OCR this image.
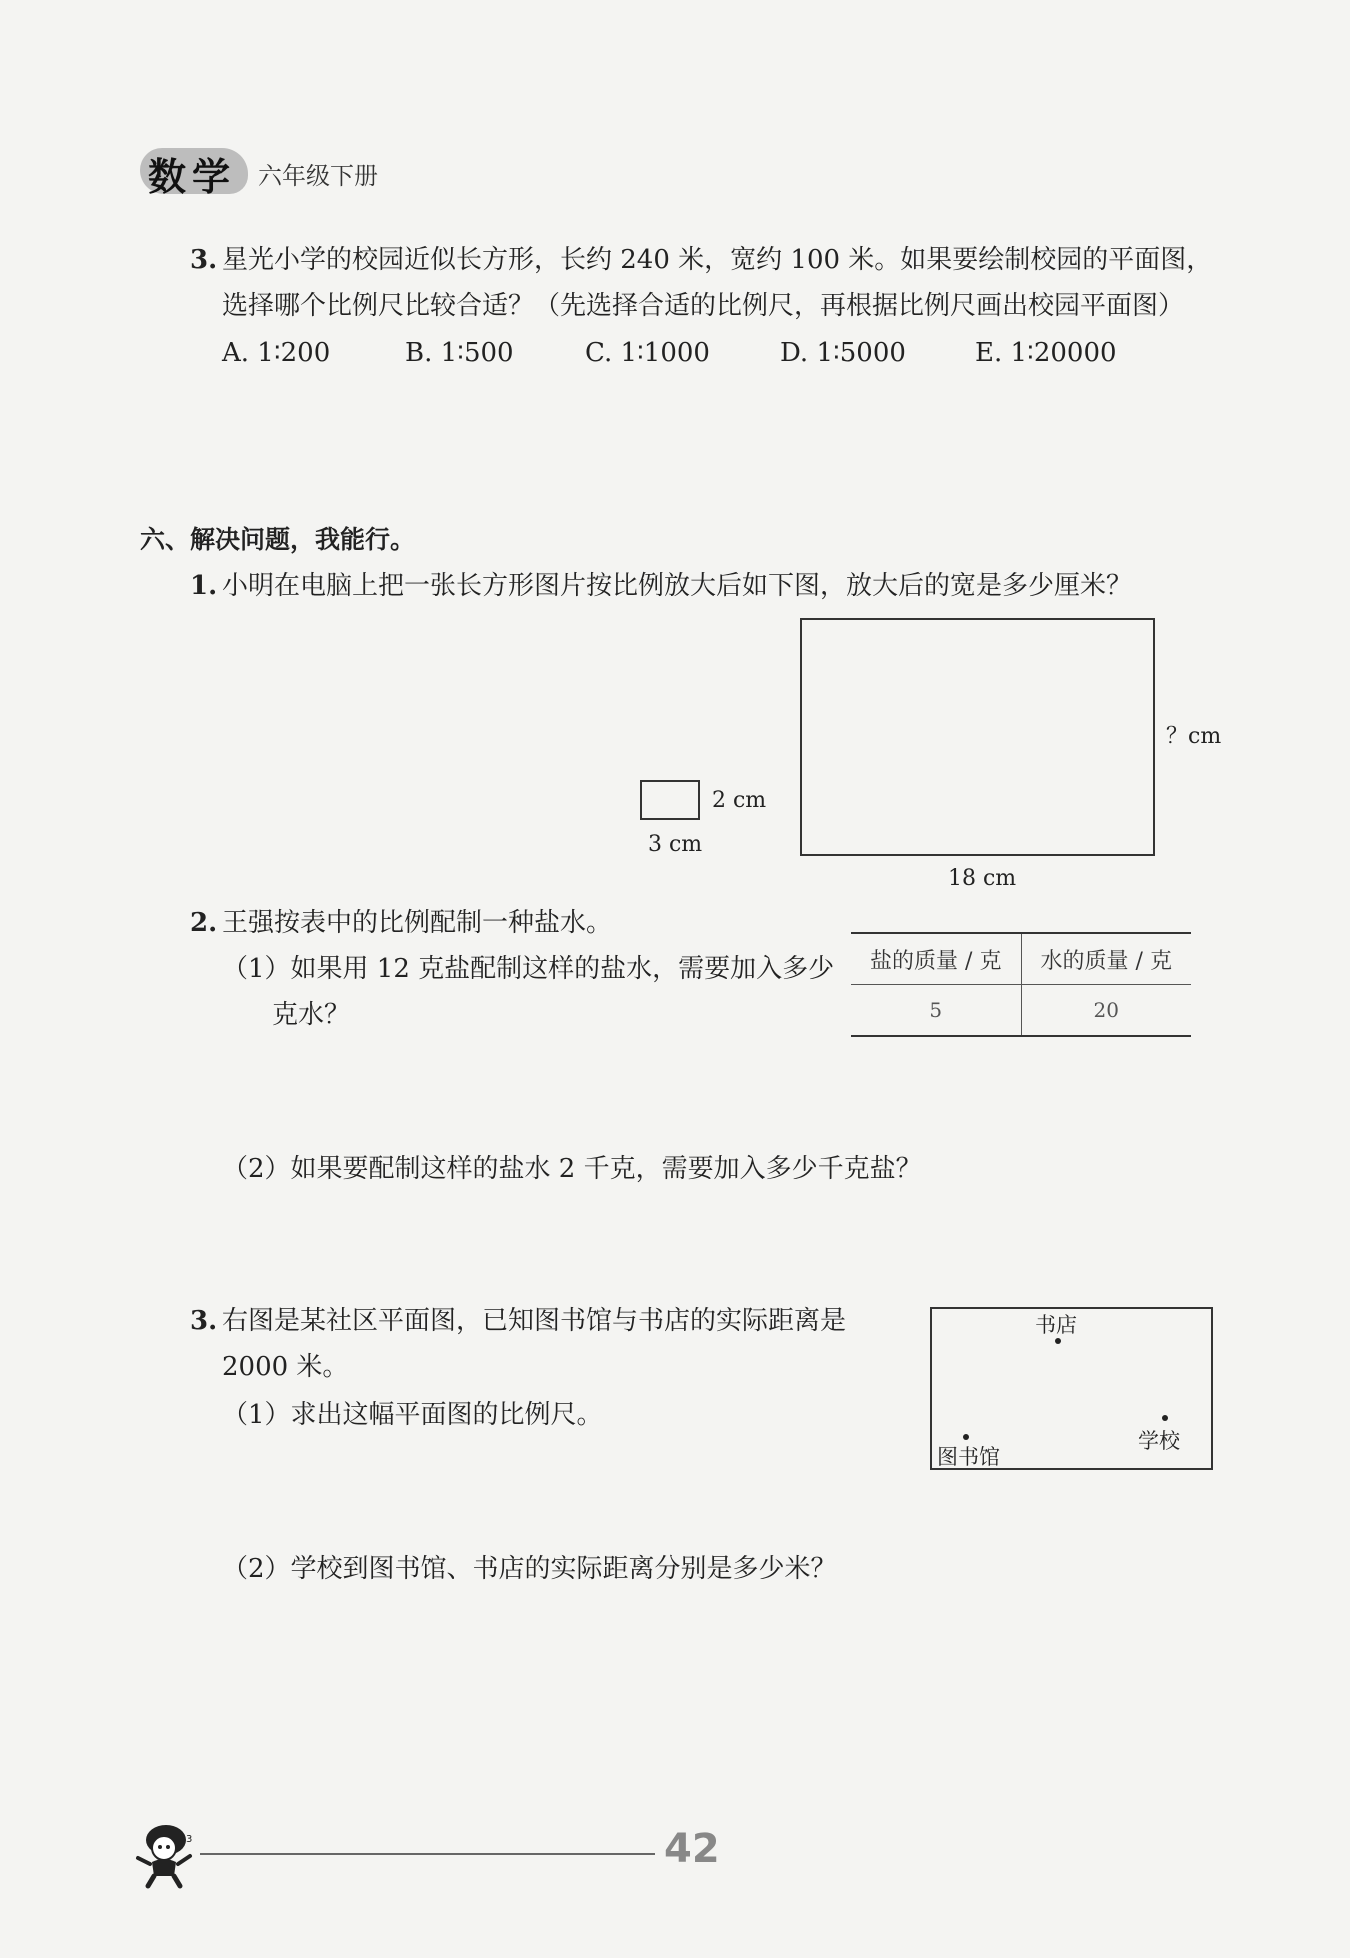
数学 六年级下册
3. 星光小学的校园近似长方形，长约 240 米，宽约 100 米。如果要绘制校园的平面图，
选择哪个比例尺比较合适？（先选择合适的比例尺，再根据比例尺画出校园平面图）
A. 1∶200	B. 1∶500	C. 1∶1000	D. 1∶5000	E. 1∶20000
六、解决问题，我能行。
1. 小明在电脑上把一张长方形图片按比例放大后如下图，放大后的宽是多少厘米？
2 cm
3 cm
？cm
18 cm
2. 王强按表中的比例配制一种盐水。
（1）如果用 12 克盐配制这样的盐水，需要加入多少
克水？
盐的质量 / 克	水的质量 / 克
5	20
（2）如果要配制这样的盐水 2 千克，需要加入多少千克盐？
3. 右图是某社区平面图，已知图书馆与书店的实际距离是
2000 米。
（1）求出这幅平面图的比例尺。
书店
学校
图书馆
（2）学校到图书馆、书店的实际距离分别是多少米？
3	42
